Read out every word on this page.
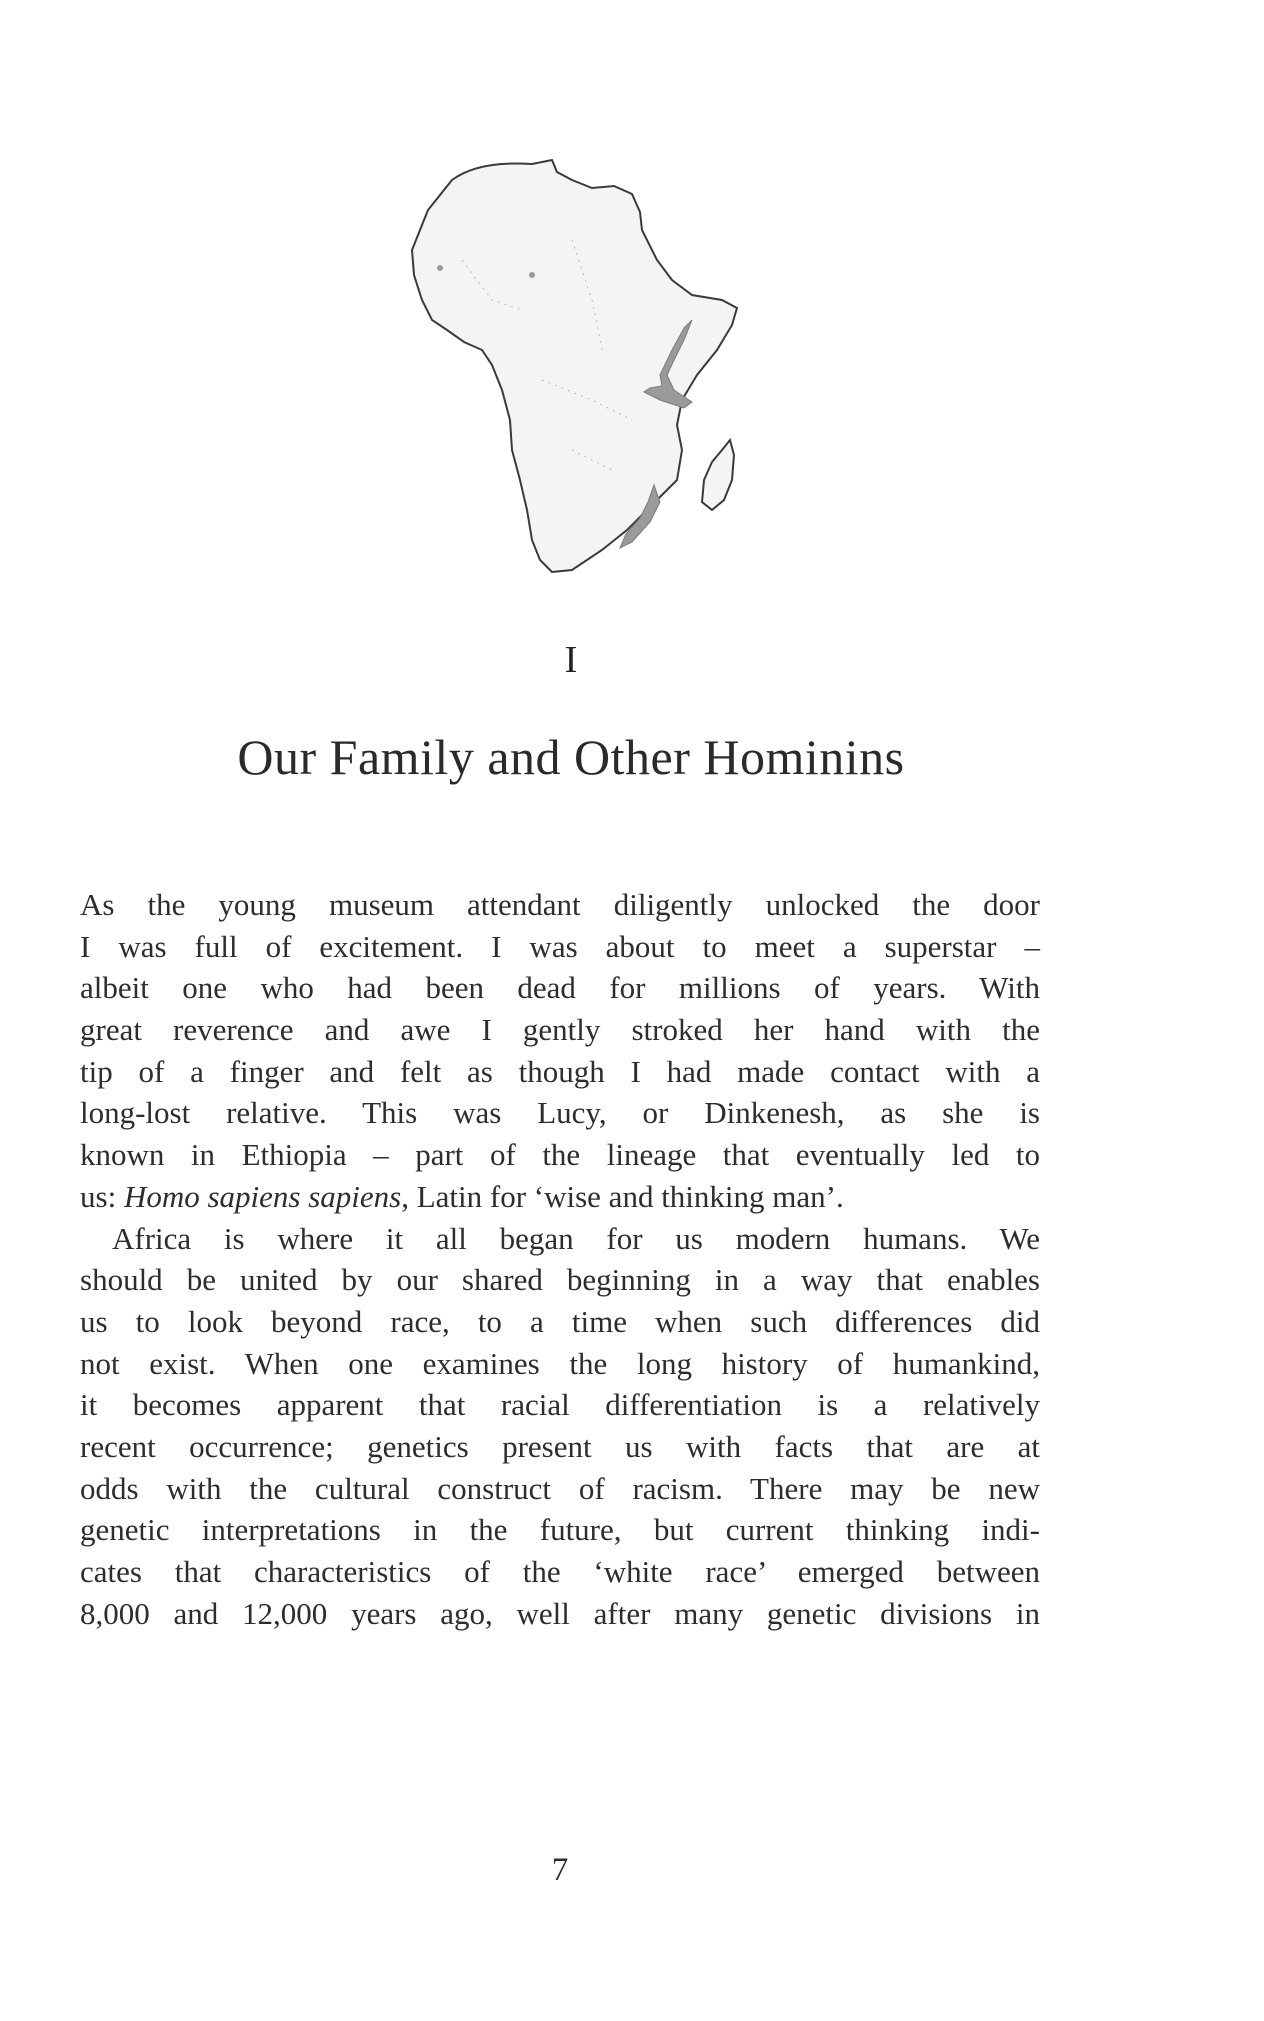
I
Our Family and Other Hominins
As the young museum attendant diligently unlocked the door
I was full of excitement. I was about to meet a superstar –
albeit one who had been dead for millions of years. With
great reverence and awe I gently stroked her hand with the
tip of a finger and felt as though I had made contact with a
long-lost relative. This was Lucy, or Dinkenesh, as she is
known in Ethiopia – part of the lineage that eventually led to
us: Homo sapiens sapiens, Latin for ‘wise and thinking man’.
Africa is where it all began for us modern humans. We
should be united by our shared beginning in a way that enables
us to look beyond race, to a time when such differences did
not exist. When one examines the long history of humankind,
it becomes apparent that racial differentiation is a relatively
recent occurrence; genetics present us with facts that are at
odds with the cultural construct of racism. There may be new
genetic interpretations in the future, but current thinking indi-
cates that characteristics of the ‘white race’ emerged between
8,000 and 12,000 years ago, well after many genetic divisions in
7
